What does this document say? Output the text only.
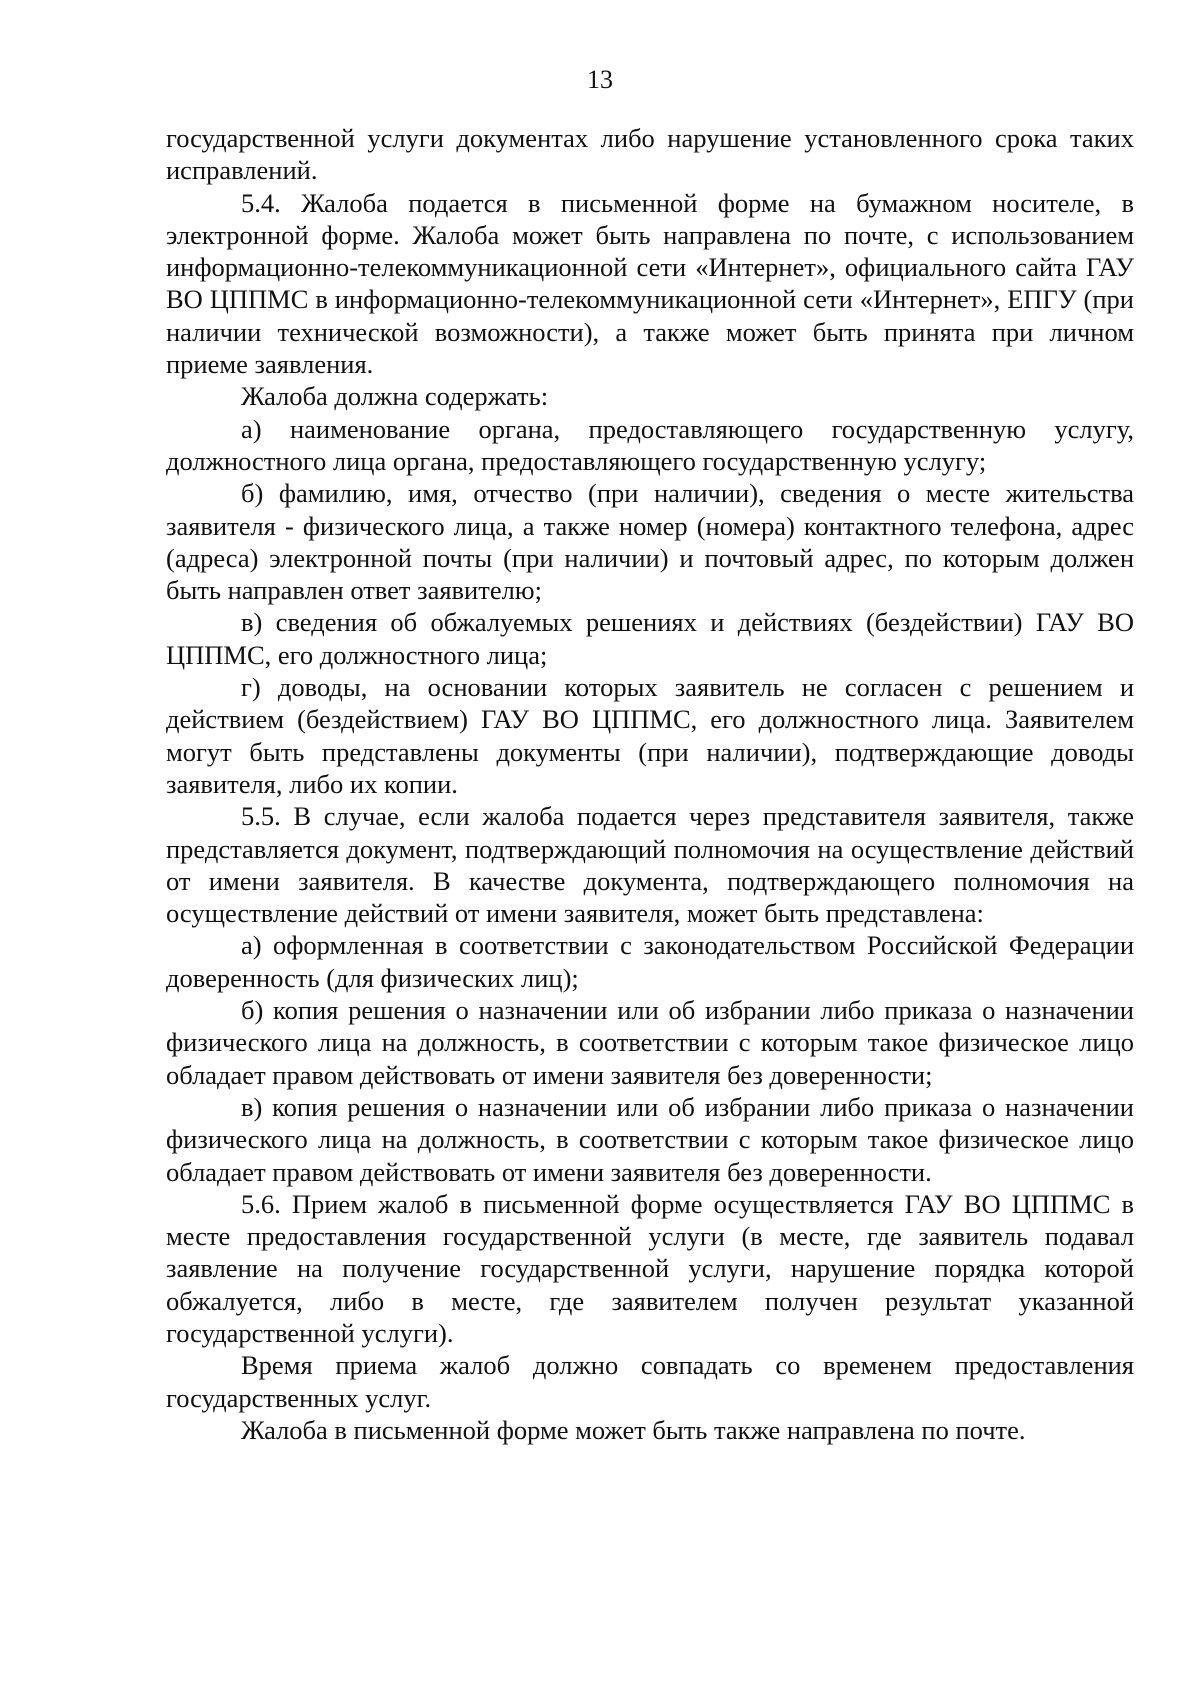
13

государственной услуги документах либо нарушение установленного срока таких исправлений.

5.4. Жалоба подается в письменной форме на бумажном носителе, в электронной форме. Жалоба может быть направлена по почте, с использованием информационно-телекоммуникационной сети «Интернет», официального сайта ГАУ ВО ЦППМС в информационно-телекоммуникационной сети «Интернет», ЕПГУ (при наличии технической возможности), а также может быть принята при личном приеме заявления.

Жалоба должна содержать:

а) наименование органа, предоставляющего государственную услугу, должностного лица органа, предоставляющего государственную услугу;

б) фамилию, имя, отчество (при наличии), сведения о месте жительства заявителя - физического лица, а также номер (номера) контактного телефона, адрес (адреса) электронной почты (при наличии) и почтовый адрес, по которым должен быть направлен ответ заявителю;

в) сведения об обжалуемых решениях и действиях (бездействии) ГАУ ВО ЦППМС, его должностного лица;

г) доводы, на основании которых заявитель не согласен с решением и действием (бездействием) ГАУ ВО ЦППМС, его должностного лица. Заявителем могут быть представлены документы (при наличии), подтверждающие доводы заявителя, либо их копии.

5.5. В случае, если жалоба подается через представителя заявителя, также представляется документ, подтверждающий полномочия на осуществление действий от имени заявителя. В качестве документа, подтверждающего полномочия на осуществление действий от имени заявителя, может быть представлена:

а) оформленная в соответствии с законодательством Российской Федерации доверенность (для физических лиц);

б) копия решения о назначении или об избрании либо приказа о назначении физического лица на должность, в соответствии с которым такое физическое лицо обладает правом действовать от имени заявителя без доверенности;

в) копия решения о назначении или об избрании либо приказа о назначении физического лица на должность, в соответствии с которым такое физическое лицо обладает правом действовать от имени заявителя без доверенности.

5.6. Прием жалоб в письменной форме осуществляется ГАУ ВО ЦППМС в месте предоставления государственной услуги (в месте, где заявитель подавал заявление на получение государственной услуги, нарушение порядка которой обжалуется, либо в месте, где заявителем получен результат указанной государственной услуги).

Время приема жалоб должно совпадать со временем предоставления государственных услуг.

Жалоба в письменной форме может быть также направлена по почте.
